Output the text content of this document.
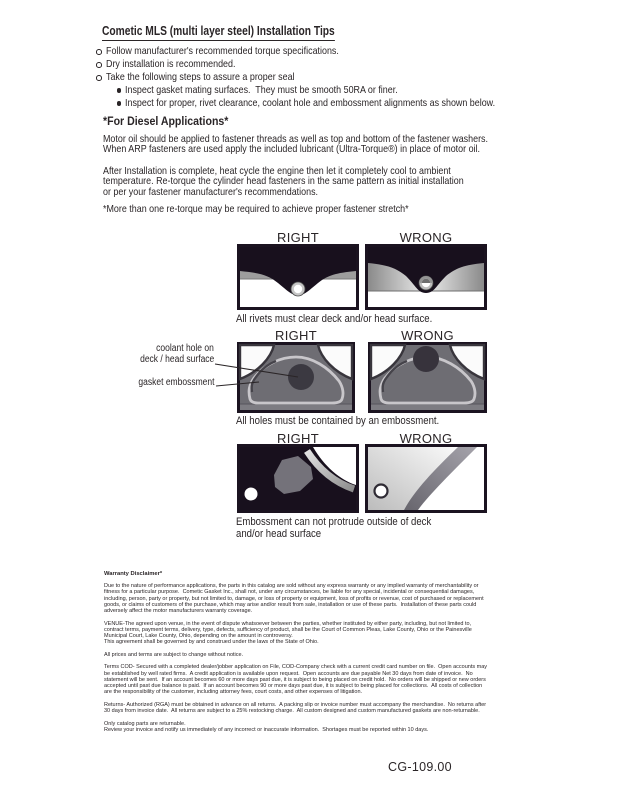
Cometic MLS (multi layer steel) Installation Tips
Follow manufacturer's recommended torque specifications.
Dry installation is recommended.
Take the following steps to assure a proper seal
Inspect gasket mating surfaces.  They must be smooth 50RA or finer.
Inspect for proper, rivet clearance, coolant hole and embossment alignments as shown below.
*For Diesel Applications*
Motor oil should be applied to fastener threads as well as top and bottom of the fastener washers.
When ARP fasteners are used apply the included lubricant (Ultra-Torque®) in place of motor oil.
After Installation is complete, heat cycle the engine then let it completely cool to ambient
temperature. Re-torque the cylinder head fasteners in the same pattern as initial installation
or per your fastener manufacturer's recommendations.
*More than one re-torque may be required to achieve proper fastener stretch*
RIGHT	WRONG
All rivets must clear deck and/or head surface.
coolant hole on
deck / head surface
gasket embossment
RIGHT	WRONG
All holes must be contained by an embossment.
RIGHT	WRONG
Embossment can not protrude outside of deck
and/or head surface
Warranty Disclaimer*
Due to the nature of performance applications, the parts in this catalog are sold without any express warranty or any implied warranty of merchantability or
fitness for a particular purpose.  Cometic Gasket Inc., shall not, under any circumstances, be liable for any special, incidental or consequential damages,
including, person, party or property, but not limited to, damage, or loss of property or equipment, loss of profits or revenue, cost of purchased or replacement
goods, or claims of customers of the purchase, which may arise and/or result from sale, installation or use of these parts.  Installation of these parts could
adversely affect the motor manufacturers warranty coverage.
VENUE-The agreed upon venue, in the event of dispute whatsoever between the parties, whether instituted by either party, including, but not limited to,
contract terms, payment terms, delivery, type, defects, sufficiency of product, shall be the Court of Common Pleas, Lake County, Ohio or the Painesville
Municipal Court, Lake County, Ohio, depending on the amount in controversy.
This agreement shall be governed by and construed under the laws of the State of Ohio.
All prices and terms are subject to change without notice.
Terms COD- Secured with a completed dealer/jobber application on File, COD-Company check with a current credit card number on file.  Open accounts may
be established by well rated firms.  A credit application is available upon request.  Open accounts are due payable Net 30 days from date of invoice.  No
statement will be sent.  If an account becomes 60 or more days past due, it is subject to being placed on credit hold.  No orders will be shipped or new orders
accepted until past due balance is paid.  If an account becomes 90 or more days past due, it is subject to being placed for collections.  All costs of collection
are the responsibility of the customer, including attorney fees, court costs, and other expenses of litigation.
Returns- Authorized (RGA) must be obtained in advance on all returns.  A packing slip or invoice number must accompany the merchandise.  No returns after
30 days from invoice date.  All returns are subject to a 25% restocking charge.  All custom designed and custom manufactured gaskets are non-returnable.
Only catalog parts are returnable.
Review your invoice and notify us immediately of any incorrect or inaccurate information.  Shortages must be reported within 10 days.
CG-109.00
